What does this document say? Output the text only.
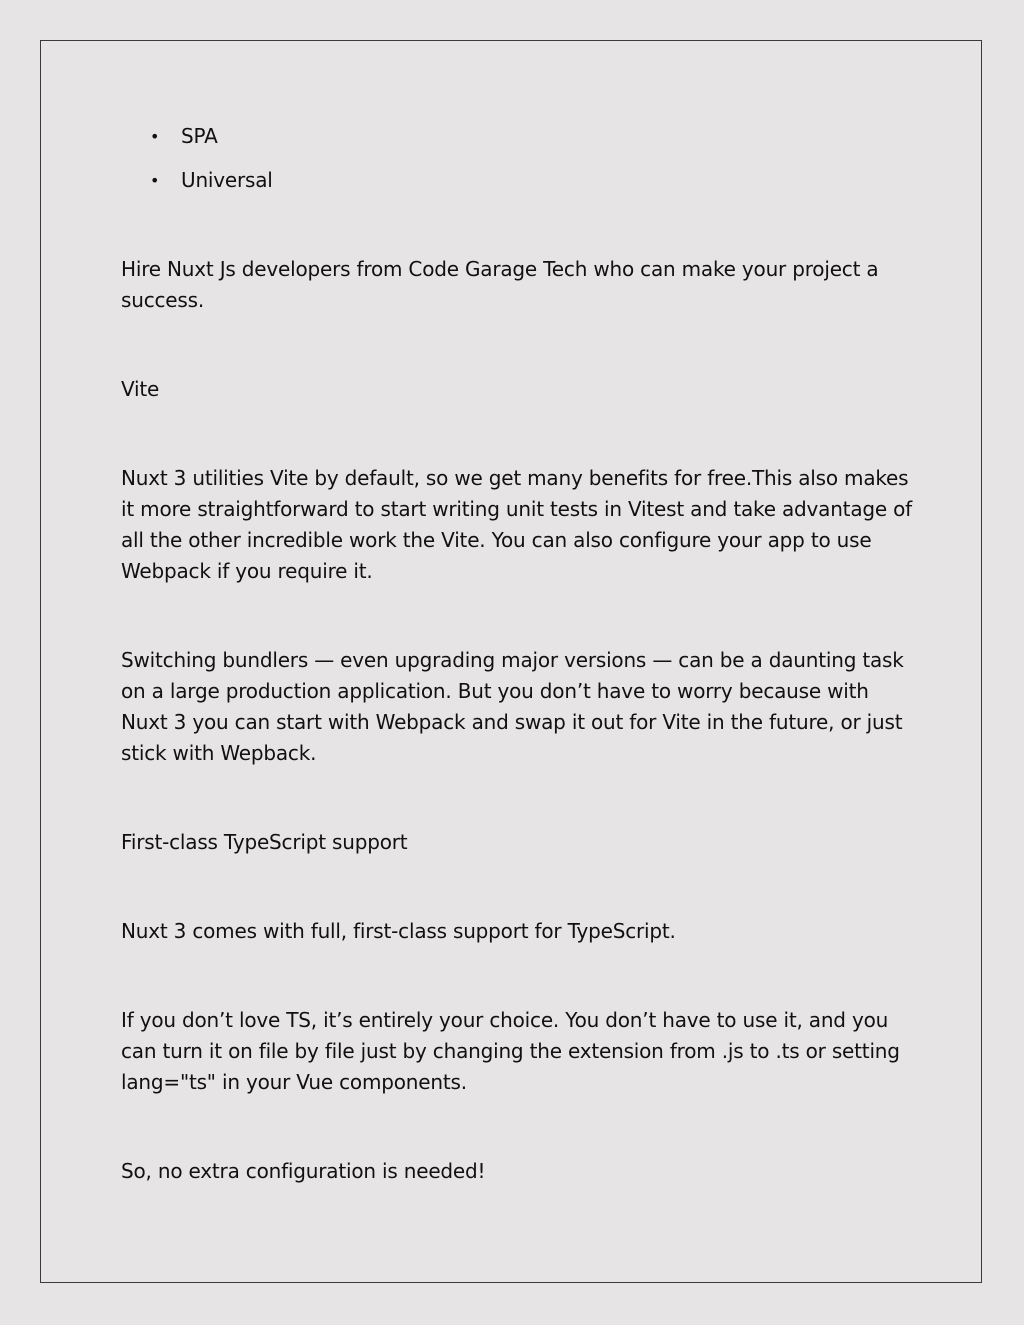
• SPA
• Universal

Hire Nuxt Js developers from Code Garage Tech who can make your project a success.

Vite

Nuxt 3 utilities Vite by default, so we get many benefits for free.This also makes it more straightforward to start writing unit tests in Vitest and take advantage of all the other incredible work the Vite. You can also configure your app to use Webpack if you require it.

Switching bundlers — even upgrading major versions — can be a daunting task on a large production application. But you don’t have to worry because with Nuxt 3 you can start with Webpack and swap it out for Vite in the future, or just stick with Wepback.

First-class TypeScript support

Nuxt 3 comes with full, first-class support for TypeScript.

If you don’t love TS, it’s entirely your choice. You don’t have to use it, and you can turn it on file by file just by changing the extension from .js to .ts or setting lang="ts" in your Vue components.

So, no extra configuration is needed!
